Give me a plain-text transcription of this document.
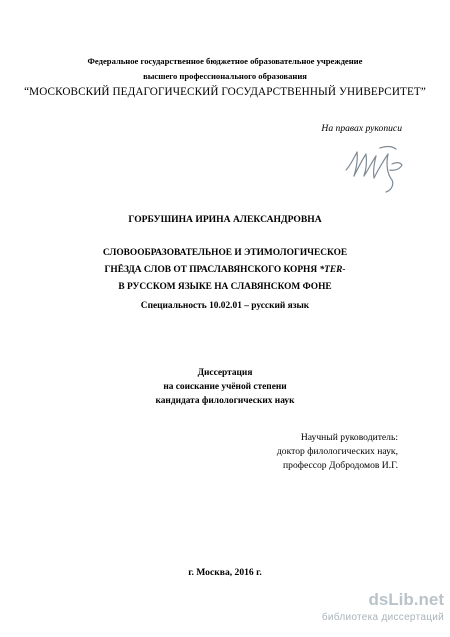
Федеральное государственное бюджетное образовательное учреждение
высшего профессионального образования
“МОСКОВСКИЙ ПЕДАГОГИЧЕСКИЙ ГОСУДАРСТВЕННЫЙ УНИВЕРСИТЕТ”
На правах рукописи
ГОРБУШИНА ИРИНА АЛЕКСАНДРОВНА
СЛОВООБРАЗОВАТЕЛЬНОЕ И ЭТИМОЛОГИЧЕСКОЕ
ГНЁЗДА СЛОВ ОТ ПРАСЛАВЯНСКОГО КОРНЯ *TER-
В РУССКОМ ЯЗЫКЕ НА СЛАВЯНСКОМ ФОНЕ
Специальность 10.02.01 – русский язык
Диссертация
на соискание учёной степени
кандидата филологических наук
Научный руководитель:
доктор филологических наук,
профессор Добродомов И.Г.
г. Москва, 2016 г.
dsLib.net
библиотека диссертаций
